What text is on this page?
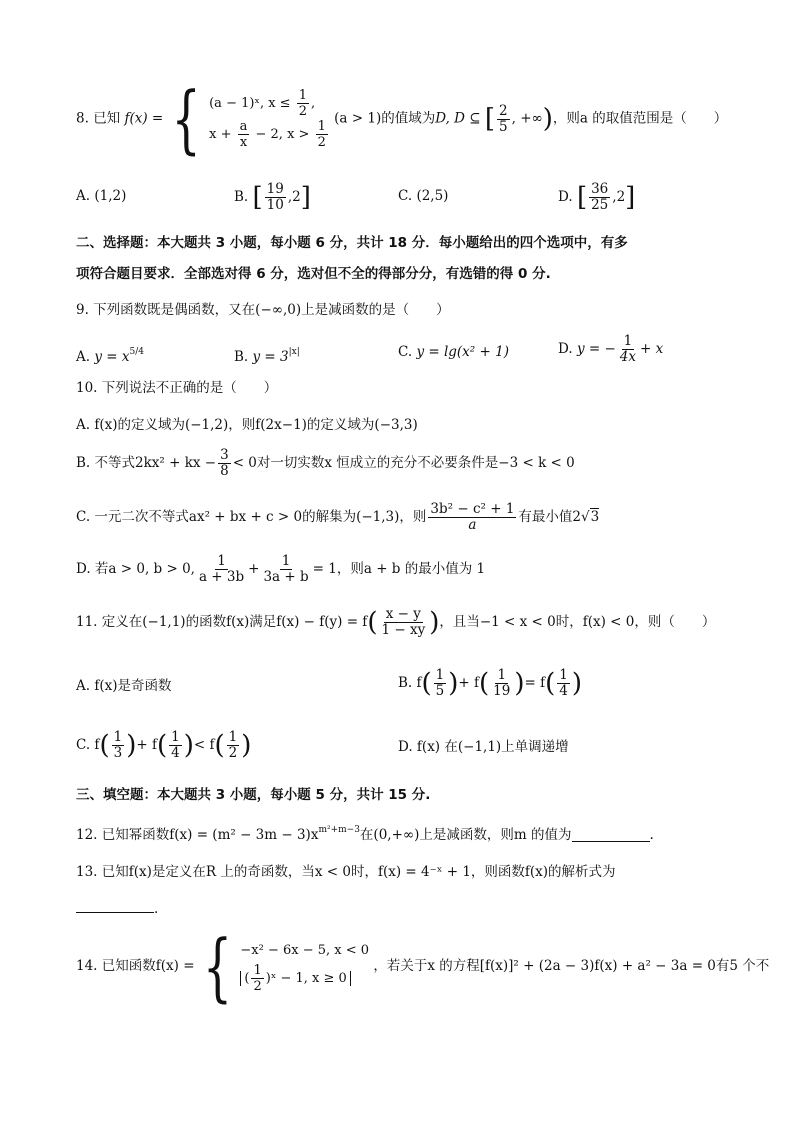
8. 已知 f(x) = { (a − 1)ˣ, $x \le \frac{1}{2}$ ,
$x + \frac{a}{x} - 2$, $x > \frac{1}{2}$
(a > 1)的值域为D, D ⊆ [ $\frac{2}{5}$ , +∞)，则a 的取值范围是（　　）
A. (1,2)	B. [ $\frac{19}{10} ,2$]	C. (2,5)	D. [ $\frac{36}{25} ,2$]
二、选择题：本大题共 3 小题，每小题 6 分，共计 18 分．每小题给出的四个选项中，有多
项符合题目要求．全部选对得 6 分，选对但不全的得部分分，有选错的得 0 分.
9. 下列函数既是偶函数，又在(−∞,0)上是减函数的是（　　）
A. $y = x^{5/4}$	B. $y = 3^{|x|}$	C. y = lg(x² + 1)	D. y = − $\frac{1}{4x} + x$
10. 下列说法不正确的是（　　）
A. f(x)的定义域为(−1,2)，则f(2x−1)的定义域为(−3,3)
B. 不等式2kx² + kx − $\frac{3}{8} < 0$对一切实数x 恒成立的充分不必要条件是−3 < k < 0
C. 一元二次不等式ax² + bx + c > 0的解集为(−1,3)，则 $\frac{\text{3b² − c² + 1}}{a}$ 有最小值2√3
D. 若a > 0, b > 0, $\frac{1}{a + 3b} + \frac{1}{3a + b} = 1$，则a + b 的最小值为 1
11. 定义在(−1,1)的函数f(x)满足$f(x) - f(y) = f( \frac{x - y}{1 - xy}$ )，且当−1 < x < 0时，f(x) < 0，则（　　）
A. f(x)是奇函数	B. $f( \frac{1}{5}$ )+ $f( \frac{1}{19}$ )= $f( \frac{1}{4}$ )
C. $f( \frac{1}{3}$ )+ $f( \frac{1}{4}$ )< $f( \frac{1}{2}$ )	D. f(x) 在(−1,1)上单调递增
三、填空题：本大题共 3 小题，每小题 5 分，共计 15 分.
12. 已知幂函数$f(x) = (m^2 - 3m - 3)x^{m^2+m-3}$在(0,+∞)上是减函数，则m 的值为	.
13. 已知f(x)是定义在R 上的奇函数，当x < 0时，f(x) = 4⁻ˣ + 1，则函数f(x)的解析式为
.
14. 已知函数f(x) = { −x² − 6x − 5, x < 0
( $\frac{1}{2}$ )ˣ − 1, x ≥ 0
，若关于x 的方程[f(x)]² + (2a − 3)f(x) + a² − 3a = 0有5 个不
